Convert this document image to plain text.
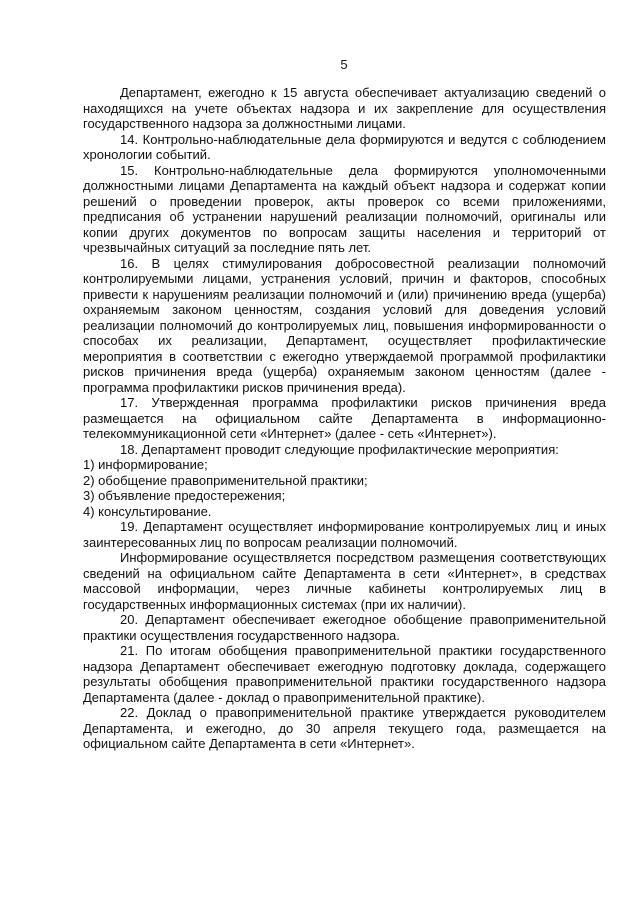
5

Департамент, ежегодно к 15 августа обеспечивает актуализацию сведений о находящихся на учете объектах надзора и их закрепление для осуществления государственного надзора за должностными лицами.

14. Контрольно-наблюдательные дела формируются и ведутся с соблюдением хронологии событий.

15. Контрольно-наблюдательные дела формируются уполномоченными должностными лицами Департамента на каждый объект надзора и содержат копии решений о проведении проверок, акты проверок со всеми приложениями, предписания об устранении нарушений реализации полномочий, оригиналы или копии других документов по вопросам защиты населения и территорий от чрезвычайных ситуаций за последние пять лет.

16. В целях стимулирования добросовестной реализации полномочий контролируемыми лицами, устранения условий, причин и факторов, способных привести к нарушениям реализации полномочий и (или) причинению вреда (ущерба) охраняемым законом ценностям, создания условий для доведения условий реализации полномочий до контролируемых лиц, повышения информированности о способах их реализации, Департамент, осуществляет профилактические мероприятия в соответствии с ежегодно утверждаемой программой профилактики рисков причинения вреда (ущерба) охраняемым законом ценностям (далее - программа профилактики рисков причинения вреда).

17. Утвержденная программа профилактики рисков причинения вреда размещается на официальном сайте Департамента в информационно-телекоммуникационной сети «Интернет» (далее - сеть «Интернет»).

18. Департамент проводит следующие профилактические мероприятия:

1) информирование;

2) обобщение правоприменительной практики;

3) объявление предостережения;

4) консультирование.

19. Департамент осуществляет информирование контролируемых лиц и иных заинтересованных лиц по вопросам реализации полномочий.

Информирование осуществляется посредством размещения соответствующих сведений на официальном сайте Департамента в сети «Интернет», в средствах массовой информации, через личные кабинеты контролируемых лиц в государственных информационных системах (при их наличии).

20. Департамент обеспечивает ежегодное обобщение правоприменительной практики осуществления государственного надзора.

21. По итогам обобщения правоприменительной практики государственного надзора Департамент обеспечивает ежегодную подготовку доклада, содержащего результаты обобщения правоприменительной практики государственного надзора Департамента (далее - доклад о правоприменительной практике).

22. Доклад о правоприменительной практике утверждается руководителем Департамента, и ежегодно, до 30 апреля текущего года, размещается на официальном сайте Департамента в сети «Интернет».
